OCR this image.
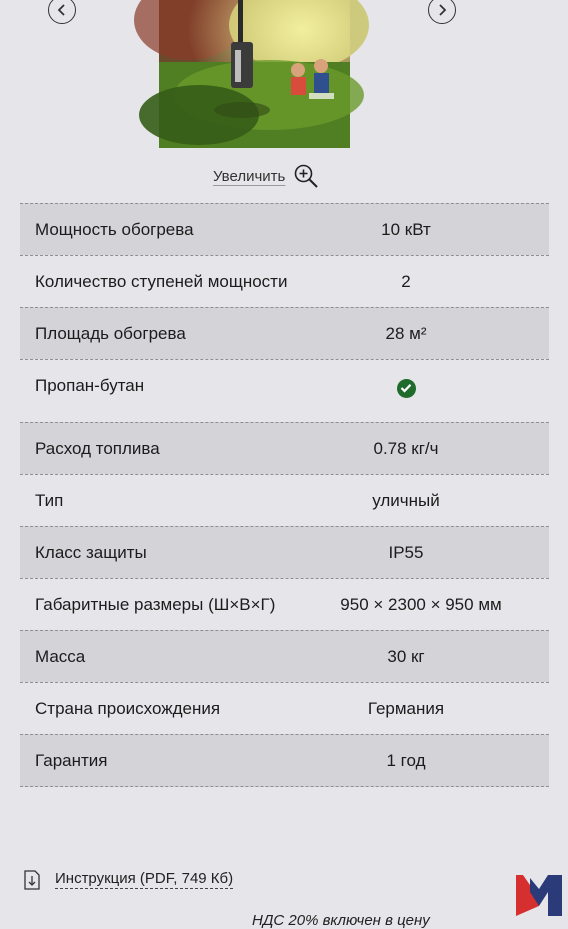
Увеличить
Мощность обогрева	10 кВт
Количество ступеней мощности	2
Площадь обогрева	28 м²
Пропан-бутан
Расход топлива	0.78 кг/ч
Тип	уличный
Класс защиты	IP55
Габаритные размеры (Ш×В×Г)	950 × 2300 × 950 мм
Масса	30 кг
Страна происхождения	Германия
Гарантия	1 год
Инструкция (PDF, 749 Кб)
НДС 20% включен в цену
